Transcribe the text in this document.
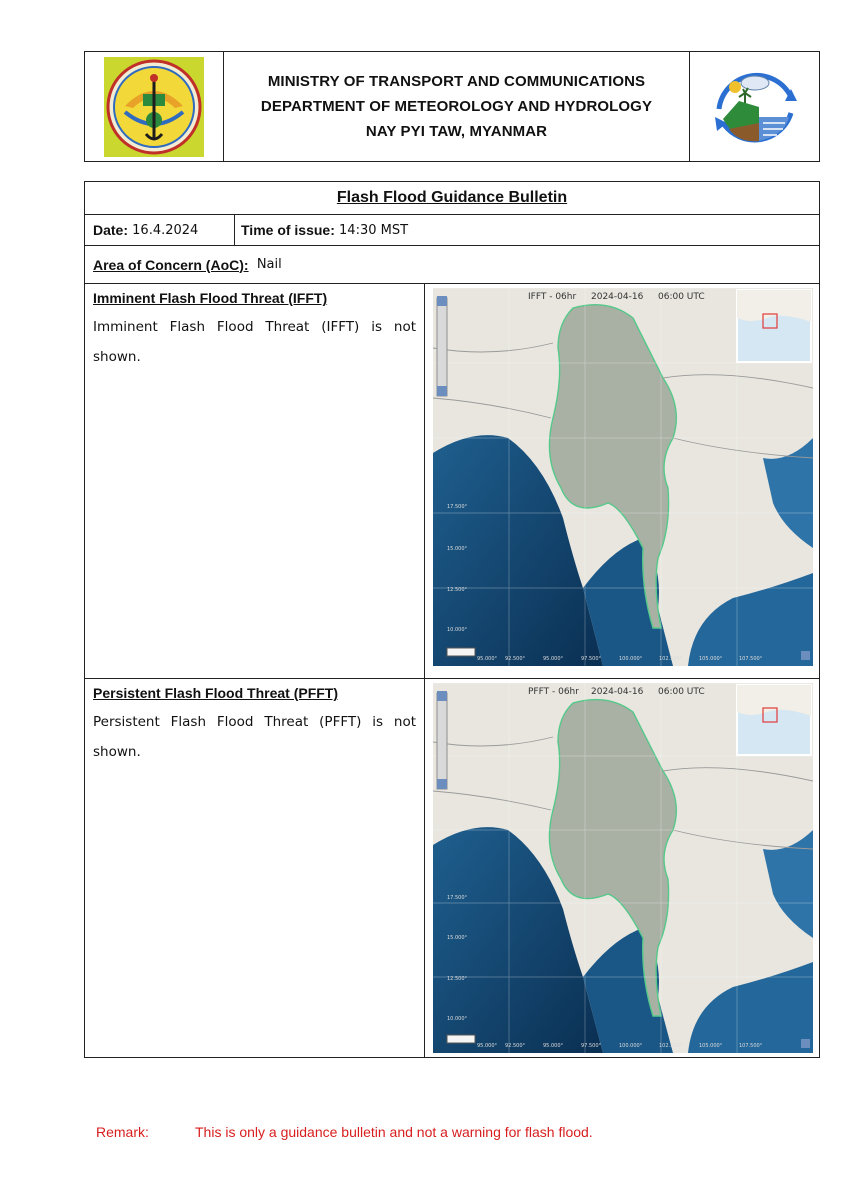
MINISTRY OF TRANSPORT AND COMMUNICATIONS
DEPARTMENT OF METEOROLOGY AND HYDROLOGY
NAY PYI TAW, MYANMAR
Flash Flood Guidance Bulletin
Date:
16.4.2024	Time of issue:
14:30 MST
Area of Concern (AoC):
Nail
Imminent Flash Flood Threat (IFFT)

Imminent Flash Flood Threat (IFFT) is not shown.

IFFT - 06hr 2024-04-16 06:00 UTC
17.500°
15.000°
12.500°
10.000°
95.000° 92.500°	95.000°	97.500°	100.000°	102.500°	105.000°	107.500°
Persistent Flash Flood Threat (PFFT)

Persistent Flash Flood Threat (PFFT) is not shown.

PFFT - 06hr 2024-04-16 06:00 UTC
17.500°
15.000°
12.500°
10.000°
95.000° 92.500°	95.000°	97.500°	100.000°	102.500°	105.000°	107.500°
Remark:	This is only a guidance bulletin and not a warning for flash flood.
